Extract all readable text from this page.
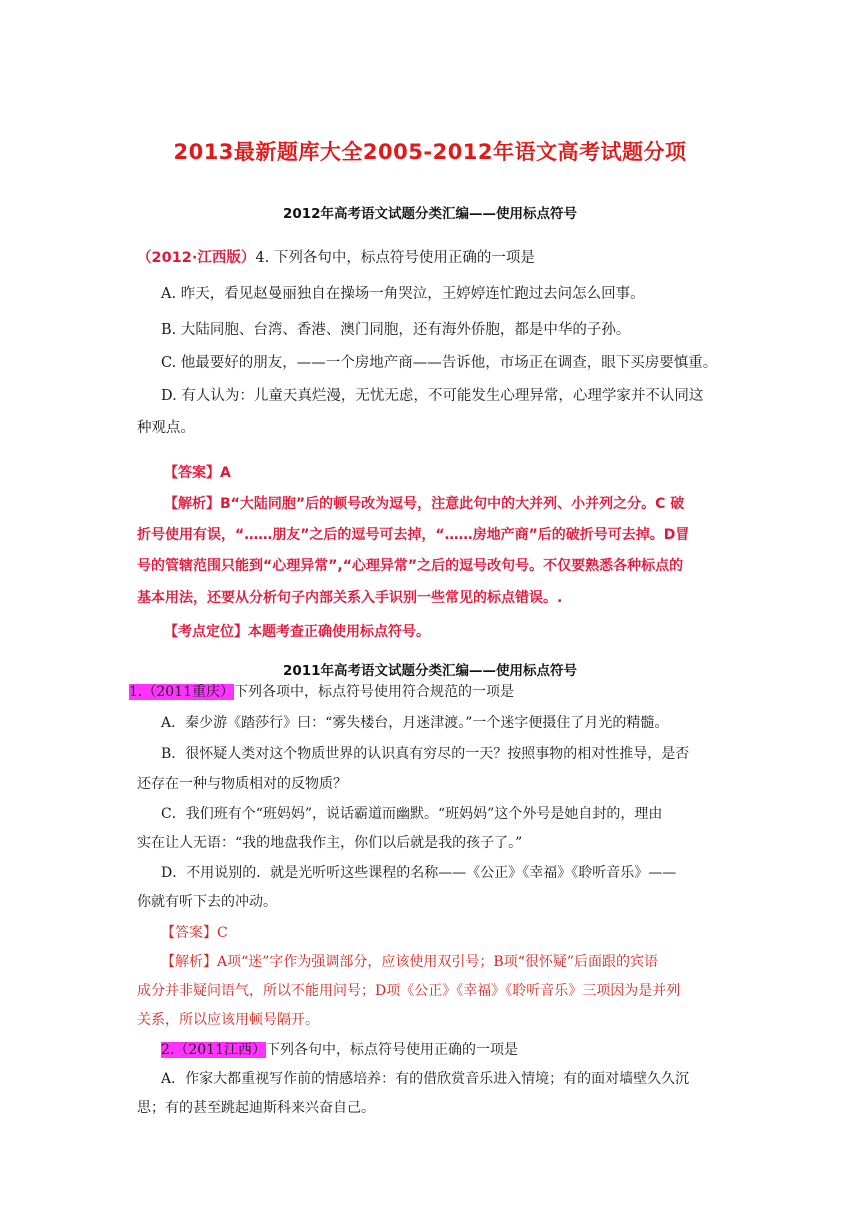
2013最新题库大全2005-2012年语文高考试题分项
2012年高考语文试题分类汇编——使用标点符号
（2012·江西版）4. 下列各句中，标点符号使用正确的一项是
A. 昨天，看见赵曼丽独自在操场一角哭泣，王婷婷连忙跑过去问怎么回事。
B. 大陆同胞、台湾、香港、澳门同胞，还有海外侨胞，都是中华的子孙。
C. 他最要好的朋友，——一个房地产商——告诉他，市场正在调查，眼下买房要慎重。
D. 有人认为：儿童天真烂漫，无忧无虑，不可能发生心理异常，心理学家并不认同这
种观点。
【答案】A
【解析】B“大陆同胞”后的顿号改为逗号，注意此句中的大并列、小并列之分。C 破
折号使用有误，“……朋友”之后的逗号可去掉，“……房地产商”后的破折号可去掉。D冒
号的管辖范围只能到“心理异常”,“心理异常”之后的逗号改句号。不仅要熟悉各种标点的
基本用法，还要从分析句子内部关系入手识别一些常见的标点错误。.
【考点定位】本题考查正确使用标点符号。
2011年高考语文试题分类汇编——使用标点符号
1.（2011重庆）下列各项中，标点符号使用符合规范的一项是
A．秦少游《踏莎行》曰：“雾失楼台，月迷津渡。”一个迷字便摄住了月光的精髓。
B．很怀疑人类对这个物质世界的认识真有穷尽的一天？按照事物的相对性推导，是否
还存在一种与物质相对的反物质？
C．我们班有个“班妈妈”，说话霸道而幽默。“班妈妈”这个外号是她自封的，理由
实在让人无语：“我的地盘我作主，你们以后就是我的孩子了。”
D．不用说别的．就是光听听这些课程的名称——《公正》《幸福》《聆听音乐》——
你就有听下去的冲动。
【答案】C
【解析】A项“迷”字作为强调部分，应该使用双引号；B项“很怀疑”后面跟的宾语
成分并非疑问语气，所以不能用问号；D项《公正》《幸福》《聆听音乐》三项因为是并列
关系，所以应该用顿号隔开。
2.（2011江西）下列各句中，标点符号使用正确的一项是
A．作家大都重视写作前的情感培养：有的借欣赏音乐进入情境；有的面对墙壁久久沉
思；有的甚至跳起迪斯科来兴奋自己。
